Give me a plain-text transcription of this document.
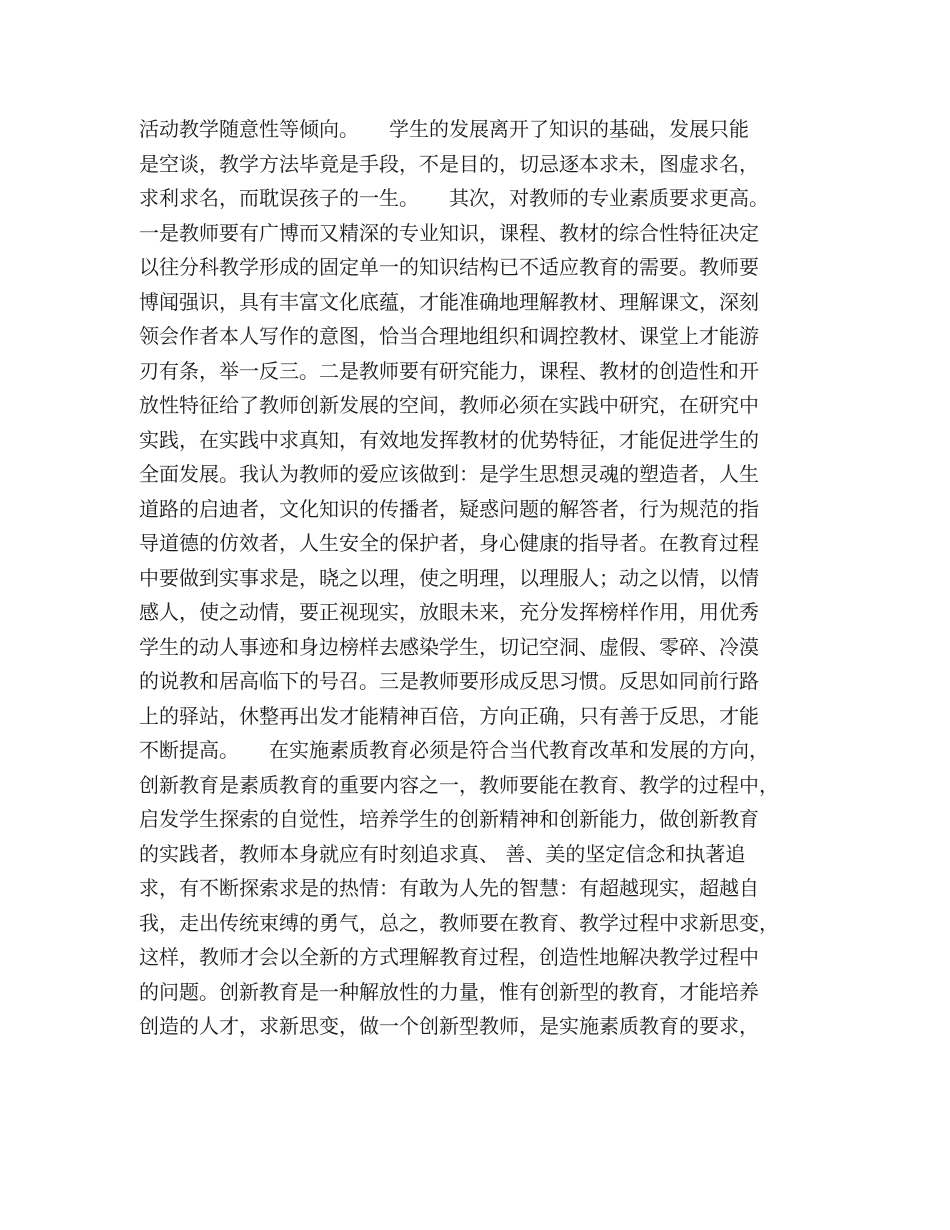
活动教学随意性等倾向。　　学生的发展离开了知识的基础，发展只能
是空谈，教学方法毕竟是手段，不是目的，切忌逐本求未，图虚求名，
求利求名，而耽误孩子的一生。　　其次，对教师的专业素质要求更高。
一是教师要有广博而又精深的专业知识，课程、教材的综合性特征决定
以往分科教学形成的固定单一的知识结构已不适应教育的需要。教师要
博闻强识，具有丰富文化底蕴，才能准确地理解教材、理解课文，深刻
领会作者本人写作的意图，恰当合理地组织和调控教材、课堂上才能游
刃有条，举一反三。二是教师要有研究能力，课程、教材的创造性和开
放性特征给了教师创新发展的空间，教师必须在实践中研究，在研究中
实践，在实践中求真知，有效地发挥教材的优势特征，才能促进学生的
全面发展。我认为教师的爱应该做到：是学生思想灵魂的塑造者，人生
道路的启迪者，文化知识的传播者，疑惑问题的解答者，行为规范的指
导道德的仿效者，人生安全的保护者，身心健康的指导者。在教育过程
中要做到实事求是，晓之以理，使之明理，以理服人；动之以情，以情
感人，使之动情，要正视现实，放眼未来，充分发挥榜样作用，用优秀
学生的动人事迹和身边榜样去感染学生，切记空洞、虚假、零碎、冷漠
的说教和居高临下的号召。三是教师要形成反思习惯。反思如同前行路
上的驿站，休整再出发才能精神百倍，方向正确，只有善于反思，才能
不断提高。　　在实施素质教育必须是符合当代教育改革和发展的方向，
创新教育是素质教育的重要内容之一，教师要能在教育、教学的过程中，
启发学生探索的自觉性，培养学生的创新精神和创新能力，做创新教育
的实践者，教师本身就应有时刻追求真、 善、美的坚定信念和执著追
求，有不断探索求是的热情：有敢为人先的智慧：有超越现实，超越自
我，走出传统束缚的勇气，总之，教师要在教育、教学过程中求新思变，
这样，教师才会以全新的方式理解教育过程，创造性地解决教学过程中
的问题。创新教育是一种解放性的力量，惟有创新型的教育，才能培养
创造的人才，求新思变，做一个创新型教师，是实施素质教育的要求，
